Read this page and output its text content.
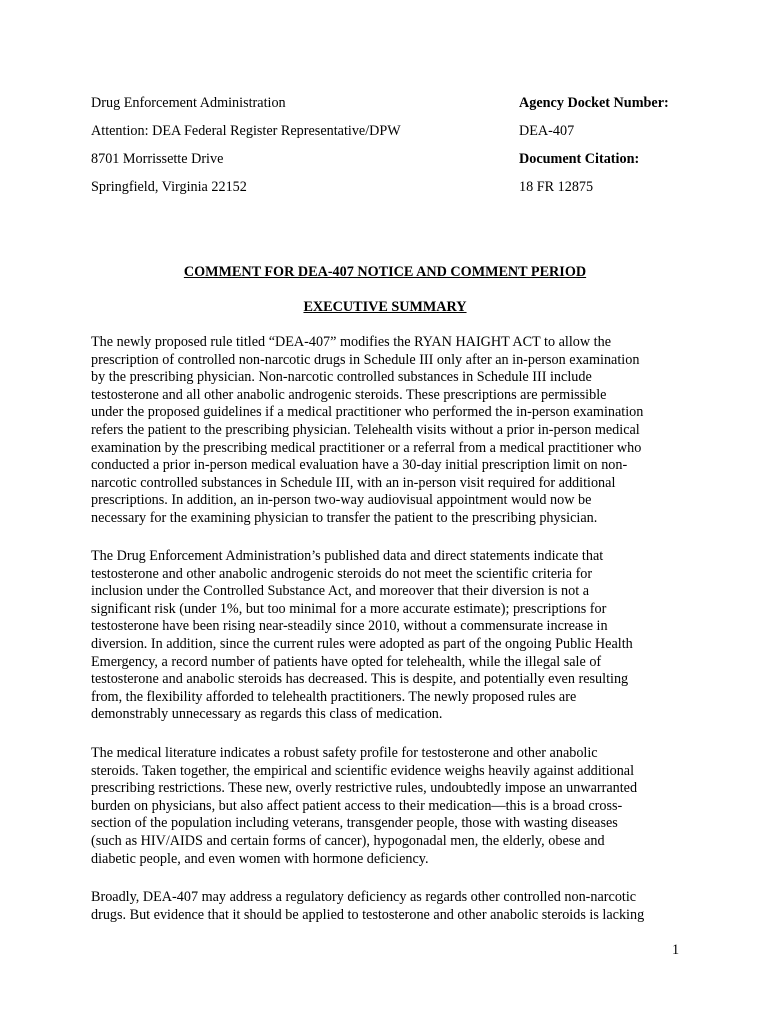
Drug Enforcement Administration
Attention: DEA Federal Register Representative/DPW
8701 Morrissette Drive
Springfield, Virginia 22152
Agency Docket Number:
DEA-407
Document Citation:
18 FR 12875
COMMENT FOR DEA-407 NOTICE AND COMMENT PERIOD
EXECUTIVE SUMMARY
The newly proposed rule titled “DEA-407” modifies the RYAN HAIGHT ACT to allow the
prescription of controlled non-narcotic drugs in Schedule III only after an in-person examination
by the prescribing physician. Non-narcotic controlled substances in Schedule III include
testosterone and all other anabolic androgenic steroids. These prescriptions are permissible
under the proposed guidelines if a medical practitioner who performed the in-person examination
refers the patient to the prescribing physician. Telehealth visits without a prior in-person medical
examination by the prescribing medical practitioner or a referral from a medical practitioner who
conducted a prior in-person medical evaluation have a 30-day initial prescription limit on non-
narcotic controlled substances in Schedule III, with an in-person visit required for additional
prescriptions. In addition, an in-person two-way audiovisual appointment would now be
necessary for the examining physician to transfer the patient to the prescribing physician.
The Drug Enforcement Administration’s published data and direct statements indicate that
testosterone and other anabolic androgenic steroids do not meet the scientific criteria for
inclusion under the Controlled Substance Act, and moreover that their diversion is not a
significant risk (under 1%, but too minimal for a more accurate estimate); prescriptions for
testosterone have been rising near-steadily since 2010, without a commensurate increase in
diversion. In addition, since the current rules were adopted as part of the ongoing Public Health
Emergency, a record number of patients have opted for telehealth, while the illegal sale of
testosterone and anabolic steroids has decreased. This is despite, and potentially even resulting
from, the flexibility afforded to telehealth practitioners. The newly proposed rules are
demonstrably unnecessary as regards this class of medication.
The medical literature indicates a robust safety profile for testosterone and other anabolic
steroids. Taken together, the empirical and scientific evidence weighs heavily against additional
prescribing restrictions. These new, overly restrictive rules, undoubtedly impose an unwarranted
burden on physicians, but also affect patient access to their medication—this is a broad cross-
section of the population including veterans, transgender people, those with wasting diseases
(such as HIV/AIDS and certain forms of cancer), hypogonadal men, the elderly, obese and
diabetic people, and even women with hormone deficiency.
Broadly, DEA-407 may address a regulatory deficiency as regards other controlled non-narcotic
drugs. But evidence that it should be applied to testosterone and other anabolic steroids is lacking
1
